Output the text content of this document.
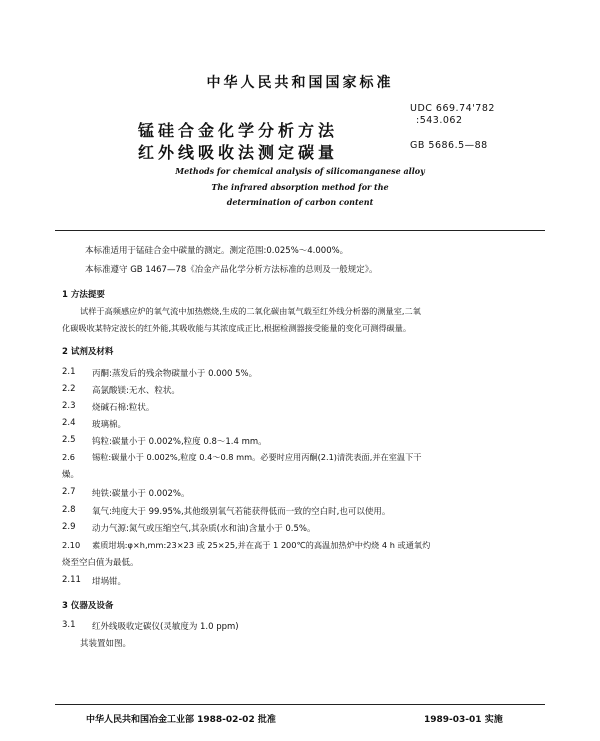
中华人民共和国国家标准
锰硅合金化学分析方法
红外线吸收法测定碳量
UDC 669.74'782
:543.062
GB 5686.5—88
Methods for chemical analysis of silicomanganese alloy
The infrared absorption method for the
determination of carbon content
本标准适用于锰硅合金中碳量的测定。测定范围:0.025%～4.000%。
本标准遵守 GB 1467—78《冶金产品化学分析方法标准的总则及一般规定》。
1 方法提要
试样于高频感应炉的氧气流中加热燃烧,生成的二氧化碳由氧气载至红外线分析器的测量室,二氧
化碳吸收某特定波长的红外能,其吸收能与其浓度成正比,根据检测器接受能量的变化可测得碳量。
2 试剂及材料
2.1 丙酮:蒸发后的残余物碳量小于 0.000 5%。
2.2 高氯酸镁:无水、粒状。
2.3 烧碱石棉:粒状。
2.4 玻璃棉。
2.5 钨粒:碳量小于 0.002%,粒度 0.8～1.4 mm。
2.6 锡粒:碳量小于 0.002%,粒度 0.4～0.8 mm。必要时应用丙酮(2.1)清洗表面,并在室温下干
燥。
2.7 纯铁:碳量小于 0.002%。
2.8 氧气:纯度大于 99.95%,其他级别氧气若能获得低而一致的空白时,也可以使用。
2.9 动力气源:氮气或压缩空气,其杂质(水和油)含量小于 0.5%。
2.10 素质坩埚:φ×h,mm:23×23 或 25×25,并在高于 1 200℃的高温加热炉中灼烧 4 h 或通氧灼
烧至空白值为最低。
2.11 坩埚钳。
3 仪器及设备
3.1 红外线吸收定碳仪(灵敏度为 1.0 ppm)
其装置如图。
中华人民共和国冶金工业部 1988-02-02 批准	1989-03-01 实施
